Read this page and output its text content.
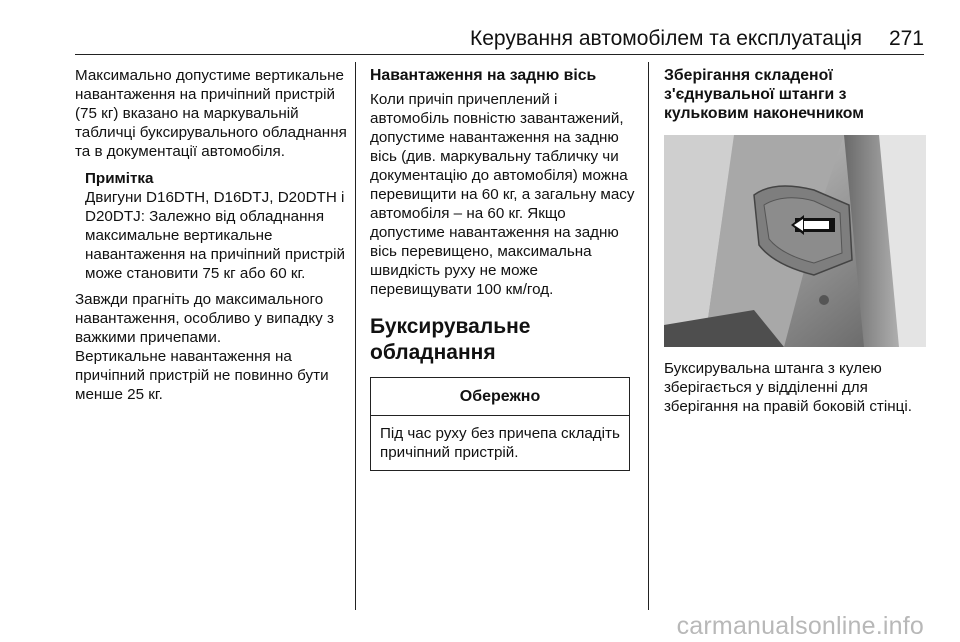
Керування автомобілем та експлуатація 271

Максимально допустиме вертикальне навантаження на причіпний пристрій (75 кг) вказано на маркувальній табличці буксирувального обладнання та в документації автомобіля.

Примітка

Двигуни D16DTH, D16DTJ, D20DTH і D20DTJ: Залежно від обладнання максимальне вертикальне навантаження на причіпний пристрій може становити 75 кг або 60 кг.

Завжди прагніть до максимального навантаження, особливо у випадку з важкими причепами.

Вертикальне навантаження на причіпний пристрій не повинно бути менше 25 кг.

Навантаження на задню вісь

Коли причіп причеплений і автомобіль повністю завантажений, допустиме навантаження на задню вісь (див. маркувальну табличку чи документацію до автомобіля) можна перевищити на 60 кг, а загальну масу автомобіля – на 60 кг. Якщо допустиме навантаження на задню вісь перевищено, максимальна швидкість руху не може перевищувати 100 км/год.

Буксирувальне обладнання

Обережно
Під час руху без причепа складіть причіпний пристрій.

Зберігання складеної з'єднувальної штанги з кульковим наконечником

Буксирувальна штанга з кулею зберігається у відділенні для зберігання на правій боковій стінці.

carmanualsonline.info
